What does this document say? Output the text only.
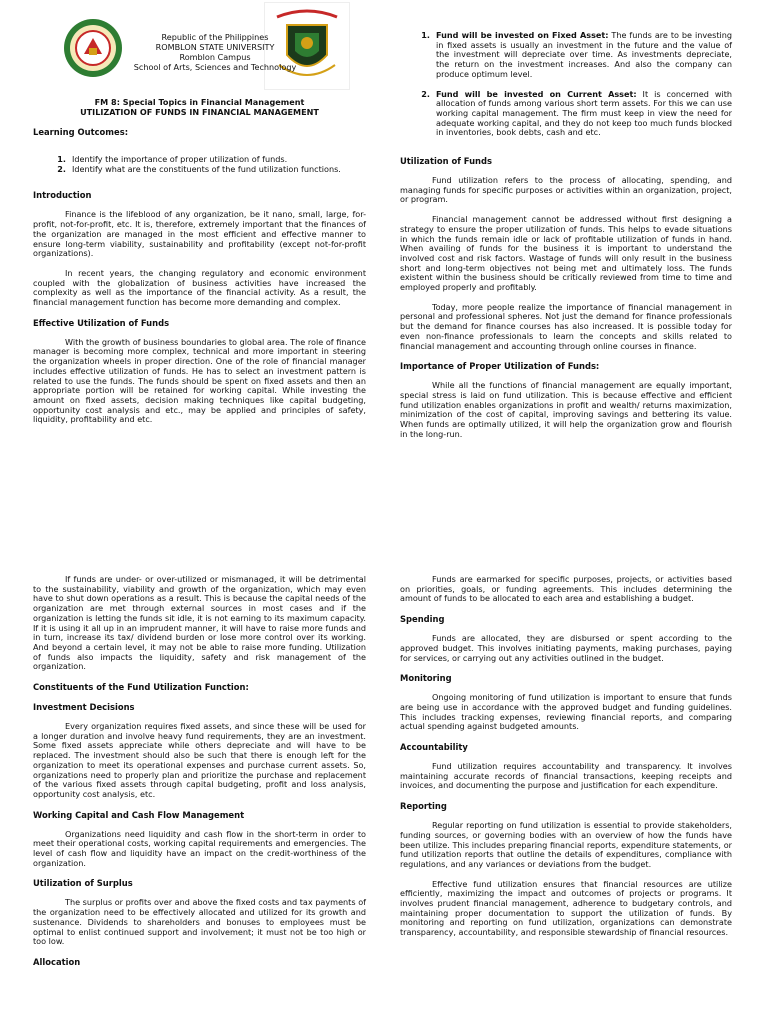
Republic of the Philippines
ROMBLON STATE UNIVERSITY
Romblon Campus
School of Arts, Sciences and Technology
FM 8: Special Topics in Financial Management
UTILIZATION OF FUNDS IN FINANCIAL MANAGEMENT
Learning Outcomes:
1. Identify the importance of proper utilization of funds.
2. Identify what are the constituents of the fund utilization functions.
Introduction

Finance is the lifeblood of any organization, be it nano, small, large, for-profit, not-for-profit, etc. It is, therefore, extremely important that the finances of the organization are managed in the most efficient and effective manner to ensure long-term viability, sustainability and profitability (except not-for-profit organizations).

In recent years, the changing regulatory and economic environment coupled with the globalization of business activities have increased the complexity as well as the importance of the financial activity. As a result, the financial management function has become more demanding and complex.

Effective Utilization of Funds

With the growth of business boundaries to global area. The role of finance manager is becoming more complex, technical and more important in steering the organization wheels in proper direction. One of the role of financial manager includes effective utilization of funds. He has to select an investment pattern is related to use the funds. The funds should be spent on fixed assets and then an appropriate portion will be retained for working capital. While investing the amount on fixed assets, decision making techniques like capital budgeting, opportunity cost analysis and etc., may be applied and principles of safety, liquidity, profitability and etc.

1. Fund will be invested on Fixed Asset: The funds are to be investing in fixed assets is usually an investment in the future and the value of the investment will depreciate over time. As investments depreciate, the return on the investment increases. And also the company can produce optimum level.
2. Fund will be invested on Current Asset: It is concerned with allocation of funds among various short term assets. For this we can use working capital management. The firm must keep in view the need for adequate working capital, and they do not keep too much funds blocked in inventories, book debts, cash and etc.
Utilization of Funds

Fund utilization refers to the process of allocating, spending, and managing funds for specific purposes or activities within an organization, project, or program.

Financial management cannot be addressed without first designing a strategy to ensure the proper utilization of funds. This helps to evade situations in which the funds remain idle or lack of profitable utilization of funds in hand. When availing of funds for the business it is important to understand the involved cost and risk factors. Wastage of funds will only result in the business short and long-term objectives not being met and ultimately loss. The funds existent within the business should be critically reviewed from time to time and employed properly and profitably.

Today, more people realize the importance of financial management in personal and professional spheres. Not just the demand for finance professionals but the demand for finance courses has also increased. It is possible today for even non-finance professionals to learn the concepts and skills related to financial management and accounting through online courses in finance.

Importance of Proper Utilization of Funds:

While all the functions of financial management are equally important, special stress is laid on fund utilization. This is because effective and efficient fund utilization enables organizations in profit and wealth/ returns maximization, minimization of the cost of capital, improving savings and bettering its value. When funds are optimally utilized, it will help the organization grow and flourish in the long-run.

If funds are under- or over-utilized or mismanaged, it will be detrimental to the sustainability, viability and growth of the organization, which may even have to shut down operations as a result. This is because the capital needs of the organization are met through external sources in most cases and if the organization is letting the funds sit idle, it is not earning to its maximum capacity. If it is using it all up in an imprudent manner, it will have to raise more funds and in turn, increase its tax/ dividend burden or lose more control over its working. And beyond a certain level, it may not be able to raise more funding. Utilization of funds also impacts the liquidity, safety and risk management of the organization.

Constituents of the Fund Utilization Function:
Investment Decisions

Every organization requires fixed assets, and since these will be used for a longer duration and involve heavy fund requirements, they are an investment. Some fixed assets appreciate while others depreciate and will have to be replaced. The investment should also be such that there is enough left for the organization to meet its operational expenses and purchase current assets. So, organizations need to properly plan and prioritize the purchase and replacement of the various fixed assets through capital budgeting, profit and loss analysis, opportunity cost analysis, etc.

Working Capital and Cash Flow Management

Organizations need liquidity and cash flow in the short-term in order to meet their operational costs, working capital requirements and emergencies. The level of cash flow and liquidity have an impact on the credit-worthiness of the organization.

Utilization of Surplus

The surplus or profits over and above the fixed costs and tax payments of the organization need to be effectively allocated and utilized for its growth and sustenance. Dividends to shareholders and bonuses to employees must be optimal to enlist continued support and involvement; it must not be too high or too low.

Allocation

Funds are earmarked for specific purposes, projects, or activities based on priorities, goals, or funding agreements. This includes determining the amount of funds to be allocated to each area and establishing a budget.

Spending

Funds are allocated, they are disbursed or spent according to the approved budget. This involves initiating payments, making purchases, paying for services, or carrying out any activities outlined in the budget.

Monitoring

Ongoing monitoring of fund utilization is important to ensure that funds are being use in accordance with the approved budget and funding guidelines. This includes tracking expenses, reviewing financial reports, and comparing actual spending against budgeted amounts.

Accountability

Fund utilization requires accountability and transparency. It involves maintaining accurate records of financial transactions, keeping receipts and invoices, and documenting the purpose and justification for each expenditure.

Reporting

Regular reporting on fund utilization is essential to provide stakeholders, funding sources, or governing bodies with an overview of how the funds have been utilize. This includes preparing financial reports, expenditure statements, or fund utilization reports that outline the details of expenditures, compliance with regulations, and any variances or deviations from the budget.

Effective fund utilization ensures that financial resources are utilize efficiently, maximizing the impact and outcomes of projects or programs. It involves prudent financial management, adherence to budgetary controls, and maintaining proper documentation to support the utilization of funds. By monitoring and reporting on fund utilization, organizations can demonstrate transparency, accountability, and responsible stewardship of financial resources.
